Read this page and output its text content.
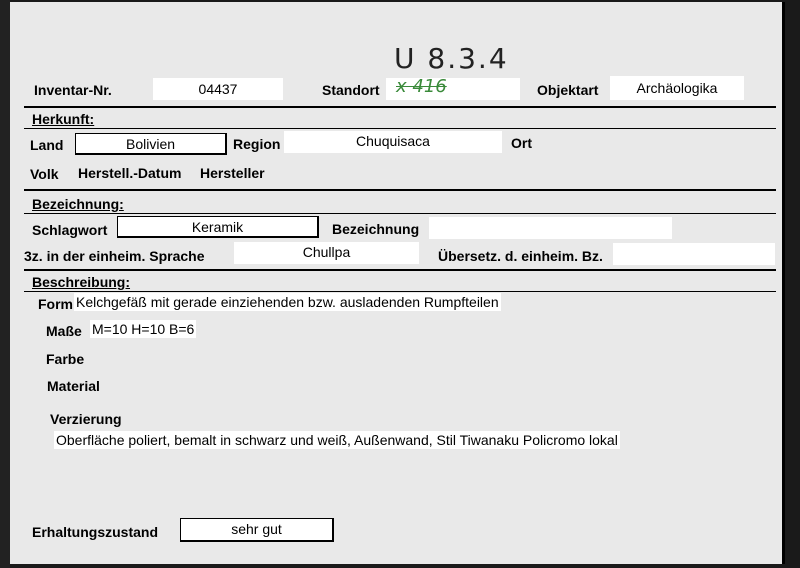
U 8.3.4
Inventar-Nr.	04437	Standort x 416	Objektart	Archäologika
Herkunft:
Land	Bolivien	Region	Chuquisaca	Ort
Volk Herstell.-Datum Hersteller
Bezeichnung:
Schlagwort	Keramik	Bezeichnung
3z. in der einheim. Sprache	Chullpa	Übersetz. d. einheim. Bz.
Beschreibung:
Form Kelchgefäß mit gerade einziehenden bzw. ausladenden Rumpfteilen
Maße M=10 H=10 B=6
Farbe
Material
Verzierung
Oberfläche poliert, bemalt in schwarz und weiß, Außenwand, Stil Tiwanaku Policromo lokal
Erhaltungszustand	sehr gut
